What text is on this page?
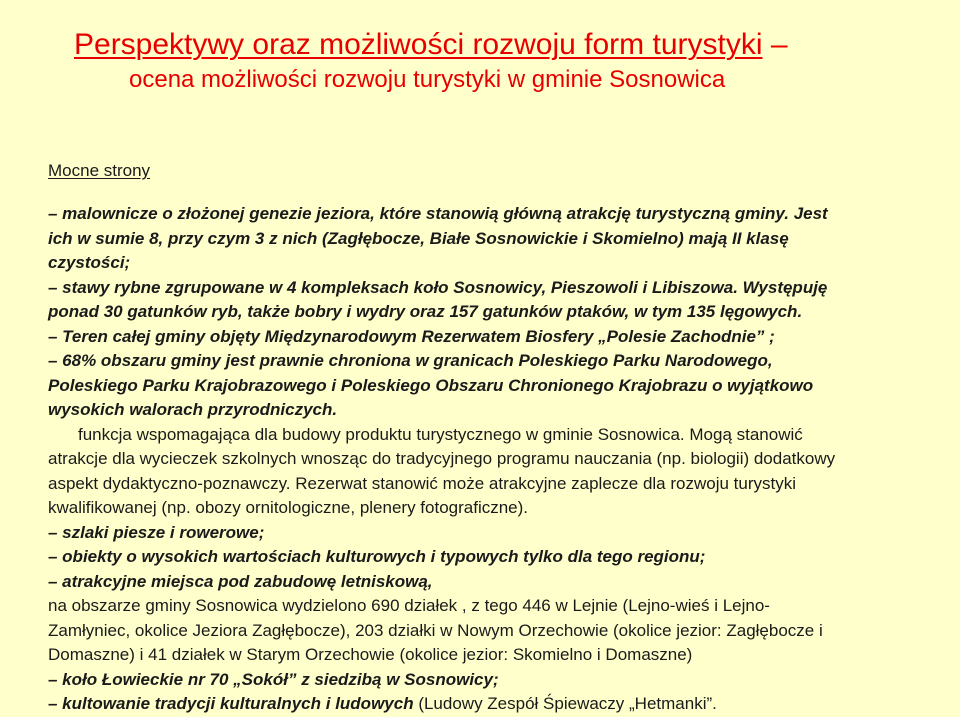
Perspektywy oraz możliwości rozwoju form turystyki –
ocena możliwości rozwoju turystyki w gminie Sosnowica
Mocne strony
– malownicze o złożonej genezie jeziora, które stanowią główną atrakcję turystyczną gminy. Jest
ich w sumie 8, przy czym 3 z nich (Zagłębocze, Białe Sosnowickie i Skomielno) mają II klasę
czystości;
– stawy rybne zgrupowane w 4 kompleksach koło Sosnowicy, Pieszowoli i Libiszowa. Występuję
ponad 30 gatunków ryb, także bobry i wydry oraz 157 gatunków ptaków, w tym 135 lęgowych.
– Teren całej gminy objęty Międzynarodowym Rezerwatem Biosfery „Polesie Zachodnie” ;
– 68% obszaru gminy jest prawnie chroniona w granicach Poleskiego Parku Narodowego,
Poleskiego Parku Krajobrazowego i Poleskiego Obszaru Chronionego Krajobrazu o wyjątkowo
wysokich walorach przyrodniczych.
funkcja wspomagająca dla budowy produktu turystycznego w gminie Sosnowica. Mogą stanowić
atrakcje dla wycieczek szkolnych wnosząc do tradycyjnego programu nauczania (np. biologii) dodatkowy
aspekt dydaktyczno-poznawczy. Rezerwat stanowić może atrakcyjne zaplecze dla rozwoju turystyki
kwalifikowanej (np. obozy ornitologiczne, plenery fotograficzne).
– szlaki piesze i rowerowe;
– obiekty o wysokich wartościach kulturowych i typowych tylko dla tego regionu;
– atrakcyjne miejsca pod zabudowę letniskową,
na obszarze gminy Sosnowica wydzielono 690 działek , z tego 446 w Lejnie (Lejno-wieś i Lejno-
Zamłyniec, okolice Jeziora Zagłębocze), 203 działki w Nowym Orzechowie (okolice jezior: Zagłębocze i
Domaszne) i 41 działek w Starym Orzechowie (okolice jezior: Skomielno i Domaszne)
– koło Łowieckie nr 70 „Sokół” z siedzibą w Sosnowicy;
– kultowanie tradycji kulturalnych i ludowych (Ludowy Zespół Śpiewaczy „Hetmanki”.
